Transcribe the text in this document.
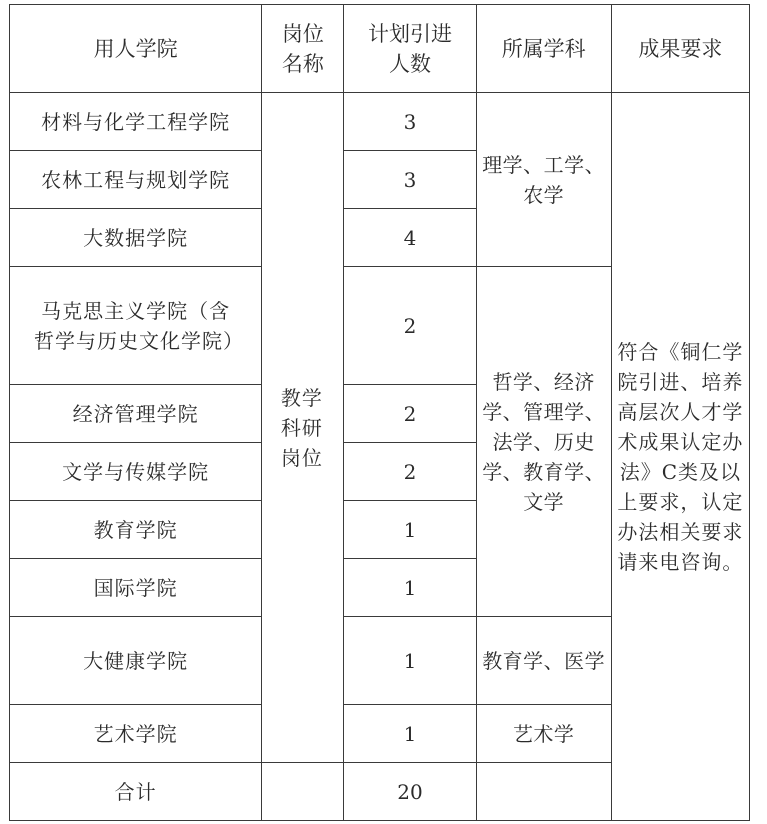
用人学院	岗位名称	计划引进人数	所属学科	成果要求
材料与化学工程学院	教学科研岗位	3	理学、工学、农学	符合《铜仁学院引进、培养高层次人才学术成果认定办法》C类及以上要求，认定办法相关要求请来电咨询。
农林工程与规划学院		3		
大数据学院		4		
马克思主义学院（含哲学与历史文化学院）		2	哲学、经济学、管理学、法学、历史学、教育学、文学	
经济管理学院		2		
文学与传媒学院		2		
教育学院		1		
国际学院		1		
大健康学院		1	教育学、医学	
艺术学院		1	艺术学	
合计		20		
